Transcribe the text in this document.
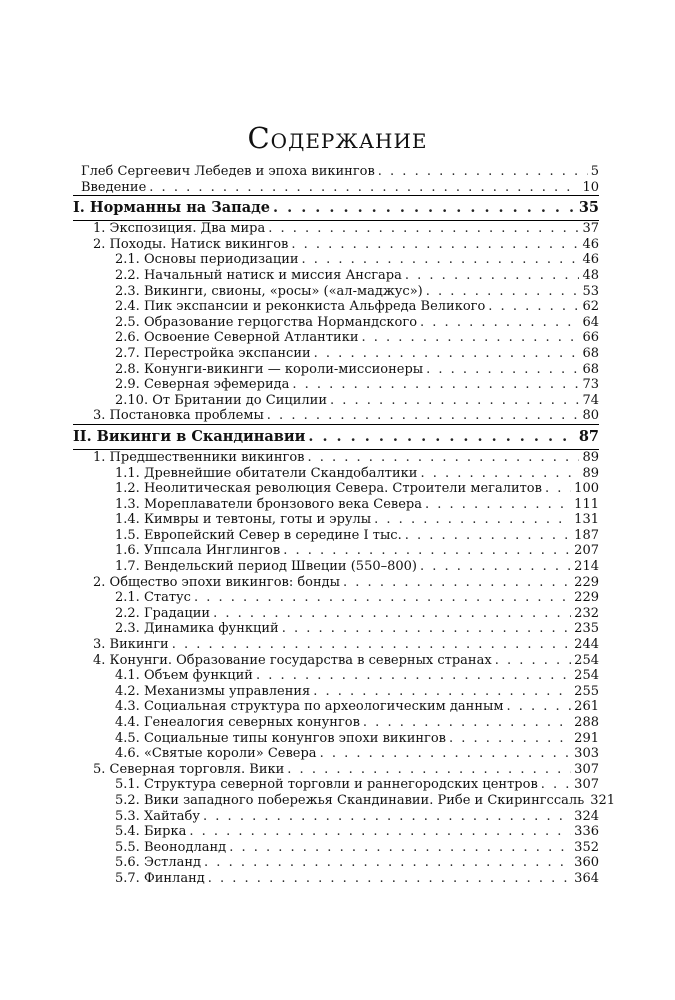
Содержание
Глеб Сергеевич Лебедев и эпоха викингов . . .	5
Введение . . .	10
I. Норманны на Западе . . .	35
1. Экспозиция. Два мира . . .	37
2. Походы. Натиск викингов . . .	46
2.1. Основы периодизации . . .	46
2.2. Начальный натиск и миссия Ансгара . . .	48
2.3. Викинги, свионы, «росы» («ал-маджус») . . .	53
2.4. Пик экспансии и реконкиста Альфреда Великого . . .	62
2.5. Образование герцогства Нормандского . . .	64
2.6. Освоение Северной Атлантики . . .	66
2.7. Перестройка экспансии . . .	68
2.8. Конунги-викинги — короли-миссионеры . . .	68
2.9. Северная эфемерида . . .	73
2.10. От Британии до Сицилии . . .	74
3. Постановка проблемы . . .	80
II. Викинги в Скандинавии . . .	87
1. Предшественники викингов . . .	89
1.1. Древнейшие обитатели Скандобалтики . . .	89
1.2. Неолитическая революция Севера. Строители мегалитов . . . 100
1.3. Мореплаватели бронзового века Севера . . .	111
1.4. Кимвры и тевтоны, готы и эрулы . . .	131
1.5. Европейский Север в середине I тыс. . . .	187
1.6. Уппсала Инглингов . . .	207
1.7. Вендельский период Швеции (550–800) . . .	214
2. Общество эпохи викингов: бонды . . .	229
2.1. Статус . . .	229
2.2. Градации . . .	232
2.3. Динамика функций . . .	235
3. Викинги . . .	244
4. Конунги. Образование государства в северных странах . . .	254
4.1. Объем функций . . .	254
4.2. Механизмы управления . . .	255
4.3. Социальная структура по археологическим данным . . .	261
4.4. Генеалогия северных конунгов . . .	288
4.5. Социальные типы конунгов эпохи викингов . . .	291
4.6. «Святые короли» Севера . . .	303
5. Северная торговля. Вики . . .	307
5.1. Структура северной торговли и раннегородских центров . . .	307
5.2. Вики западного побережья Скандинавии. Рибе и Скирингссаль 321
5.3. Хайтабу . . .	324
5.4. Бирка . . .	336
5.5. Веонодланд . . .	352
5.6. Эстланд . . .	360
5.7. Финланд . . .	364
